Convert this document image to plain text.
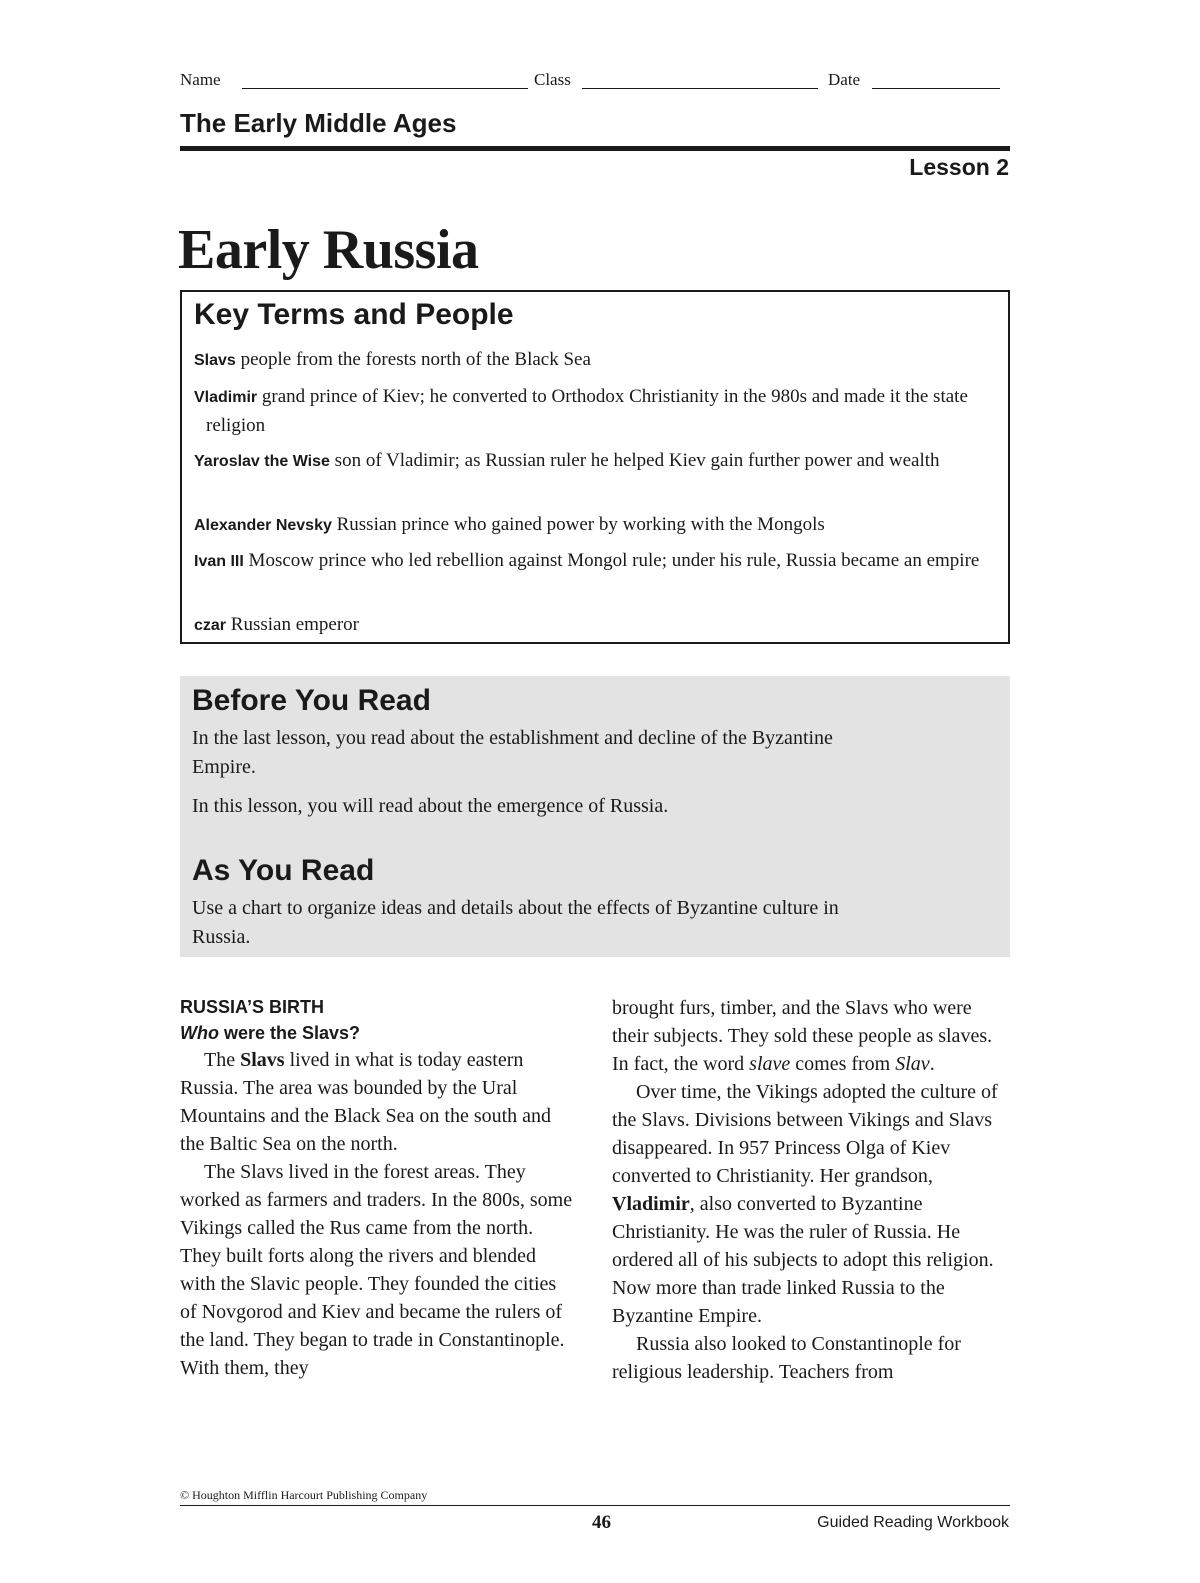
Name	Class	Date
The Early Middle Ages
Lesson 2
Early Russia
Key Terms and People
Slavs people from the forests north of the Black Sea
Vladimir grand prince of Kiev; he converted to Orthodox Christianity in the 980s and made it the state religion
Yaroslav the Wise son of Vladimir; as Russian ruler he helped Kiev gain further power and wealth
Alexander Nevsky Russian prince who gained power by working with the Mongols
Ivan III Moscow prince who led rebellion against Mongol rule; under his rule, Russia became an empire
czar Russian emperor
Before You Read

In the last lesson, you read about the establishment and decline of the Byzantine Empire.

In this lesson, you will read about the emergence of Russia.

As You Read

Use a chart to organize ideas and details about the effects of Byzantine culture in Russia.

RUSSIA’S BIRTH
Who were the Slavs?

The Slavs lived in what is today eastern Russia. The area was bounded by the Ural Mountains and the Black Sea on the south and the Baltic Sea on the north.

The Slavs lived in the forest areas. They worked as farmers and traders. In the 800s, some Vikings called the Rus came from the north. They built forts along the rivers and blended with the Slavic people. They founded the cities of Novgorod and Kiev and became the rulers of the land. They began to trade in Constantinople. With them, they

brought furs, timber, and the Slavs who were their subjects. They sold these people as slaves. In fact, the word slave comes from Slav.

Over time, the Vikings adopted the culture of the Slavs. Divisions between Vikings and Slavs disappeared. In 957 Princess Olga of Kiev converted to Christianity. Her grandson, Vladimir, also converted to Byzantine Christianity. He was the ruler of Russia. He ordered all of his subjects to adopt this religion. Now more than trade linked Russia to the Byzantine Empire.

Russia also looked to Constantinople for religious leadership. Teachers from

© Houghton Mifflin Harcourt Publishing Company
46	Guided Reading Workbook
